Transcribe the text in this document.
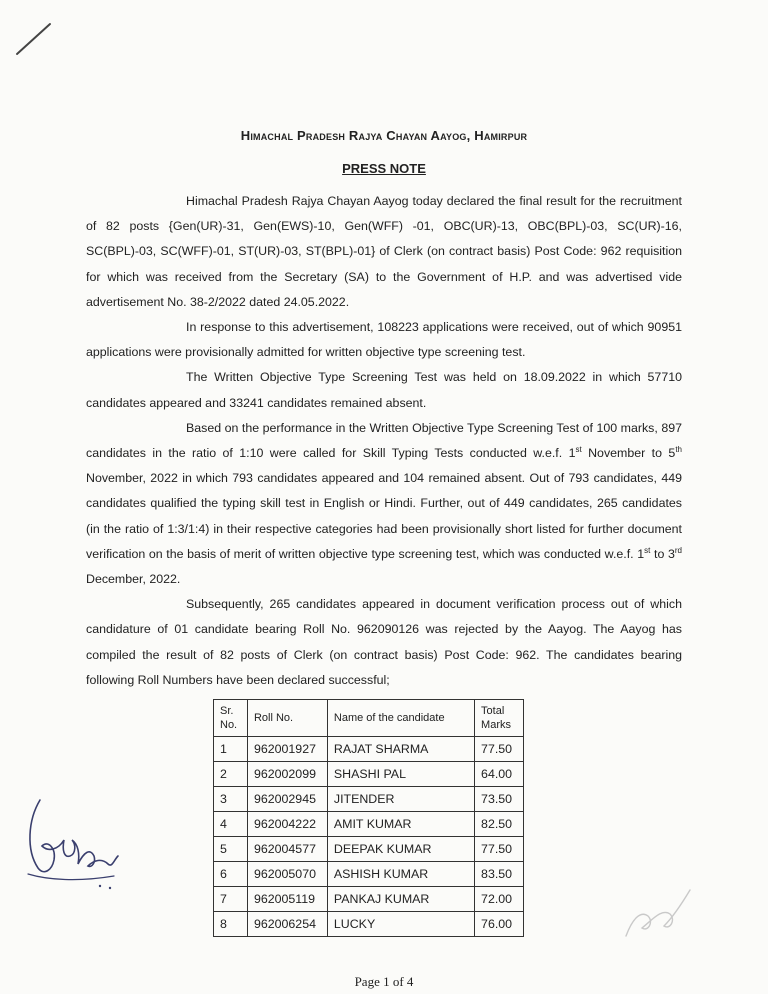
Himachal Pradesh Rajya Chayan Aayog, Hamirpur
PRESS NOTE

Himachal Pradesh Rajya Chayan Aayog today declared the final result for the recruitment of 82 posts {Gen(UR)-31, Gen(EWS)-10, Gen(WFF) -01, OBC(UR)-13, OBC(BPL)-03, SC(UR)-16, SC(BPL)-03, SC(WFF)-01, ST(UR)-03, ST(BPL)-01} of Clerk (on contract basis) Post Code: 962 requisition for which was received from the Secretary (SA) to the Government of H.P. and was advertised vide advertisement No. 38-2/2022 dated 24.05.2022.

In response to this advertisement, 108223 applications were received, out of which 90951 applications were provisionally admitted for written objective type screening test.

The Written Objective Type Screening Test was held on 18.09.2022 in which 57710 candidates appeared and 33241 candidates remained absent.

Based on the performance in the Written Objective Type Screening Test of 100 marks, 897 candidates in the ratio of 1:10 were called for Skill Typing Tests conducted w.e.f. 1st November to 5th November, 2022 in which 793 candidates appeared and 104 remained absent. Out of 793 candidates, 449 candidates qualified the typing skill test in English or Hindi. Further, out of 449 candidates, 265 candidates (in the ratio of 1:3/1:4) in their respective categories had been provisionally short listed for further document verification on the basis of merit of written objective type screening test, which was conducted w.e.f. 1st to 3rd December, 2022.

Subsequently, 265 candidates appeared in document verification process out of which candidature of 01 candidate bearing Roll No. 962090126 was rejected by the Aayog. The Aayog has compiled the result of 82 posts of Clerk (on contract basis) Post Code: 962. The candidates bearing following Roll Numbers have been declared successful;

Sr. No.	Roll No.	Name of the candidate	Total Marks
1	962001927	RAJAT SHARMA	77.50
2	962002099	SHASHI PAL	64.00
3	962002945	JITENDER	73.50
4	962004222	AMIT KUMAR	82.50
5	962004577	DEEPAK KUMAR	77.50
6	962005070	ASHISH KUMAR	83.50
7	962005119	PANKAJ KUMAR	72.00
8	962006254	LUCKY	76.00
Page 1 of 4
